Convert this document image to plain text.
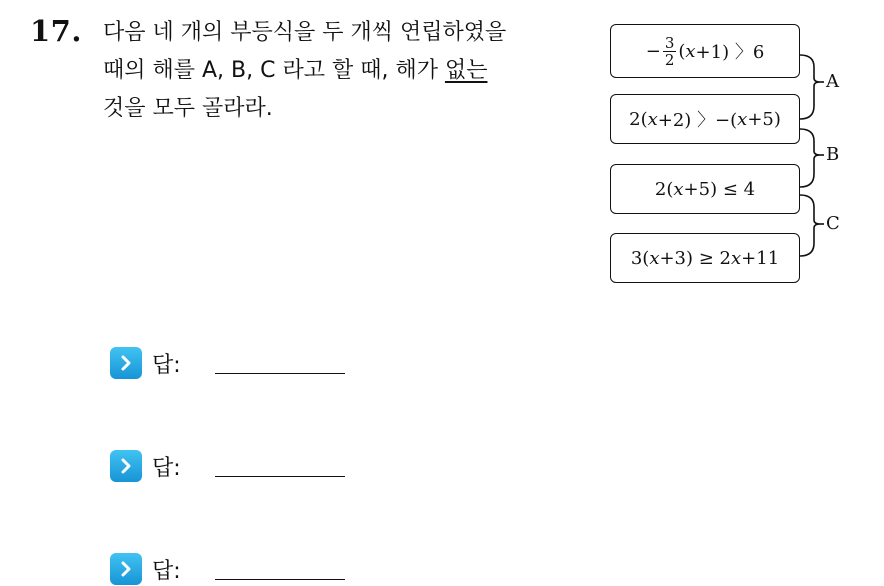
17. 다음 네 개의 부등식을 두 개씩 연립하였을
때의 해를 A, B, C 라고 할 때, 해가 없는
것을 모두 골라라.
− $\frac{3}{2}$ ( x +1) 〉6
2( x +2) 〉−( x +5)
2( x +5) ≤ 4
3( x +3) ≥ 2 x +11
A
B
C
답:
답:
답:
